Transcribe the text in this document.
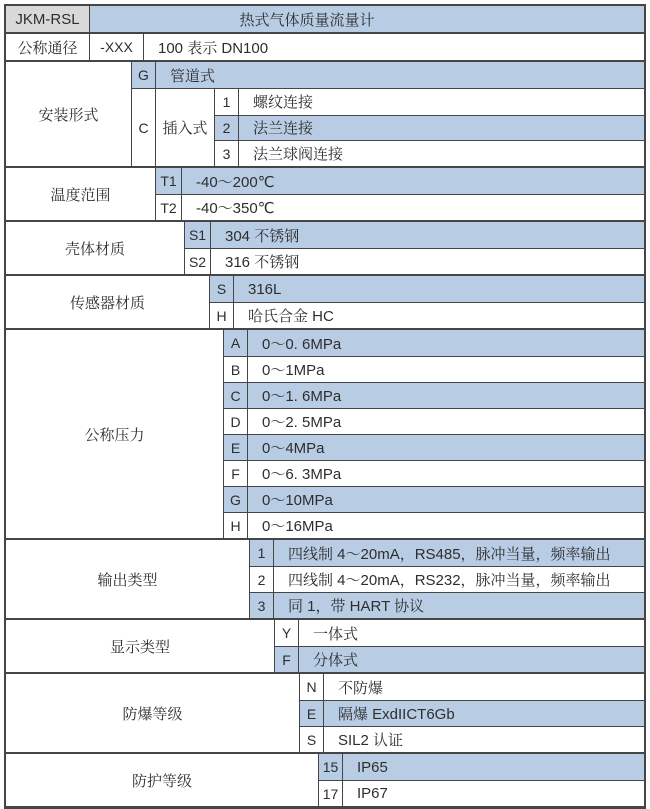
JKM-RSL	热式气体质量流量计
公称通径	-XXX	100 表示 DN100
安装形式
G	管道式
C 插入式
1	螺纹连接
2	法兰连接
3	法兰球阀连接
温度范围
T1	-40～200℃
T2	-40～350℃
壳体材质
S1	304 不锈钢
S2	316 不锈钢
传感器材质
S	316L
H	哈氏合金 HC
公称压力
A	0～0. 6MPa
B	0～1MPa
C	0～1. 6MPa
D	0～2. 5MPa
E	0～4MPa
F	0～6. 3MPa
G	0～10MPa
H	0～16MPa
输出类型
1	四线制 4～20mA，RS485，脉冲当量，频率输出
2	四线制 4～20mA，RS232，脉冲当量，频率输出
3	同 1，带 HART 协议
显示类型
Y	一体式
F	分体式
防爆等级
N	不防爆
E	隔爆 ExdIICT6Gb
S	SIL2 认证
防护等级
15	IP65
17	IP67
